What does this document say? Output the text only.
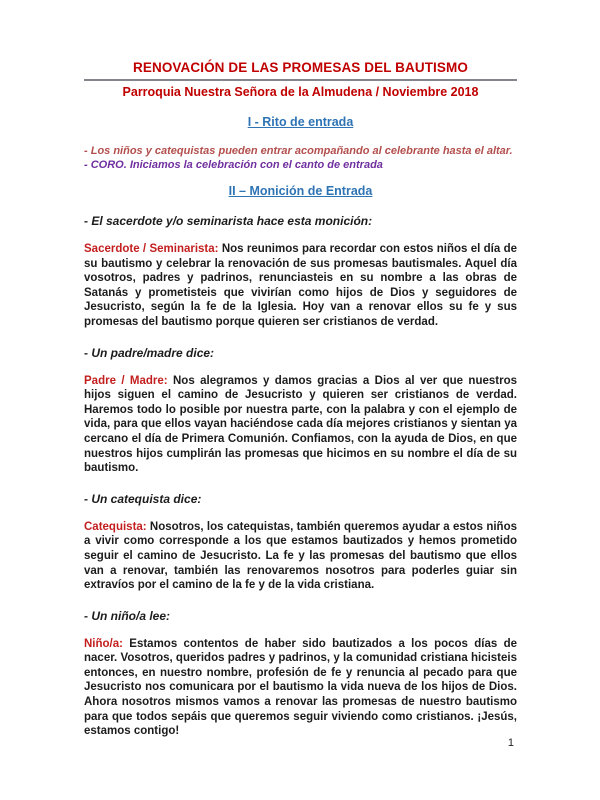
RENOVACIÓN DE LAS PROMESAS DEL BAUTISMO
Parroquia Nuestra Señora de la Almudena / Noviembre 2018
I - Rito de entrada
- Los niños y catequistas pueden entrar acompañando al celebrante hasta el altar.
- CORO. Iniciamos la celebración con el canto de entrada
II – Monición de Entrada
- El sacerdote y/o seminarista hace esta monición:

Sacerdote / Seminarista: Nos reunimos para recordar con estos niños el día de su bautismo y celebrar la renovación de sus promesas bautismales. Aquel día vosotros, padres y padrinos, renunciasteis en su nombre a las obras de Satanás y prometisteis que vivirían como hijos de Dios y seguidores de Jesucristo, según la fe de la Iglesia. Hoy van a renovar ellos su fe y sus promesas del bautismo porque quieren ser cristianos de verdad.

- Un padre/madre dice:

Padre / Madre: Nos alegramos y damos gracias a Dios al ver que nuestros hijos siguen el camino de Jesucristo y quieren ser cristianos de verdad. Haremos todo lo posible por nuestra parte, con la palabra y con el ejemplo de vida, para que ellos vayan haciéndose cada día mejores cristianos y sientan ya cercano el día de Primera Comunión. Confiamos, con la ayuda de Dios, en que nuestros hijos cumplirán las promesas que hicimos en su nombre el día de su bautismo.

- Un catequista dice:

Catequista: Nosotros, los catequistas, también queremos ayudar a estos niños a vivir como corresponde a los que estamos bautizados y hemos prometido seguir el camino de Jesucristo. La fe y las promesas del bautismo que ellos van a renovar, también las renovaremos nosotros para poderles guiar sin extravíos por el camino de la fe y de la vida cristiana.

- Un niño/a lee:

Niño/a: Estamos contentos de haber sido bautizados a los pocos días de nacer. Vosotros, queridos padres y padrinos, y la comunidad cristiana hicisteis entonces, en nuestro nombre, profesión de fe y renuncia al pecado para que Jesucristo nos comunicara por el bautismo la vida nueva de los hijos de Dios. Ahora nosotros mismos vamos a renovar las promesas de nuestro bautismo para que todos sepáis que queremos seguir viviendo como cristianos. ¡Jesús, estamos contigo!

1
